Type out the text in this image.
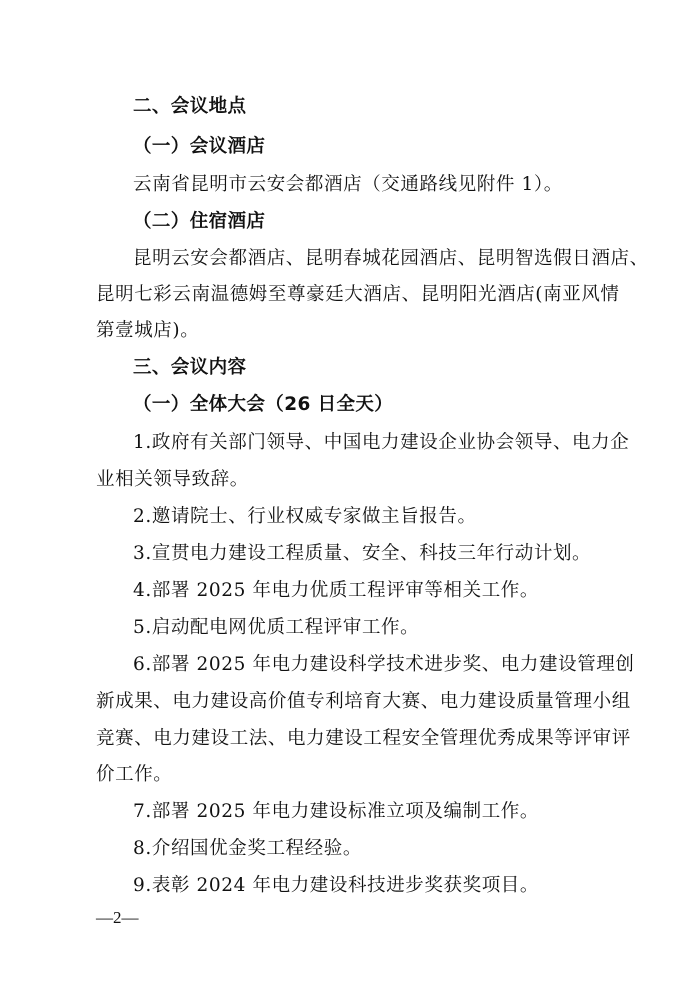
二、会议地点
（一）会议酒店
云南省昆明市云安会都酒店（交通路线见附件 1）。
（二）住宿酒店
昆明云安会都酒店、昆明春城花园酒店、昆明智选假日酒店、
昆明七彩云南温德姆至尊豪廷大酒店、昆明阳光酒店(南亚风情
第壹城店)。
三、会议内容
（一）全体大会（26 日全天）
1.政府有关部门领导、中国电力建设企业协会领导、电力企
业相关领导致辞。
2.邀请院士、行业权威专家做主旨报告。
3.宣贯电力建设工程质量、安全、科技三年行动计划。
4.部署 2025 年电力优质工程评审等相关工作。
5.启动配电网优质工程评审工作。
6.部署 2025 年电力建设科学技术进步奖、电力建设管理创
新成果、电力建设高价值专利培育大赛、电力建设质量管理小组
竞赛、电力建设工法、电力建设工程安全管理优秀成果等评审评
价工作。
7.部署 2025 年电力建设标准立项及编制工作。
8.介绍国优金奖工程经验。
9.表彰 2024 年电力建设科技进步奖获奖项目。
—2—
